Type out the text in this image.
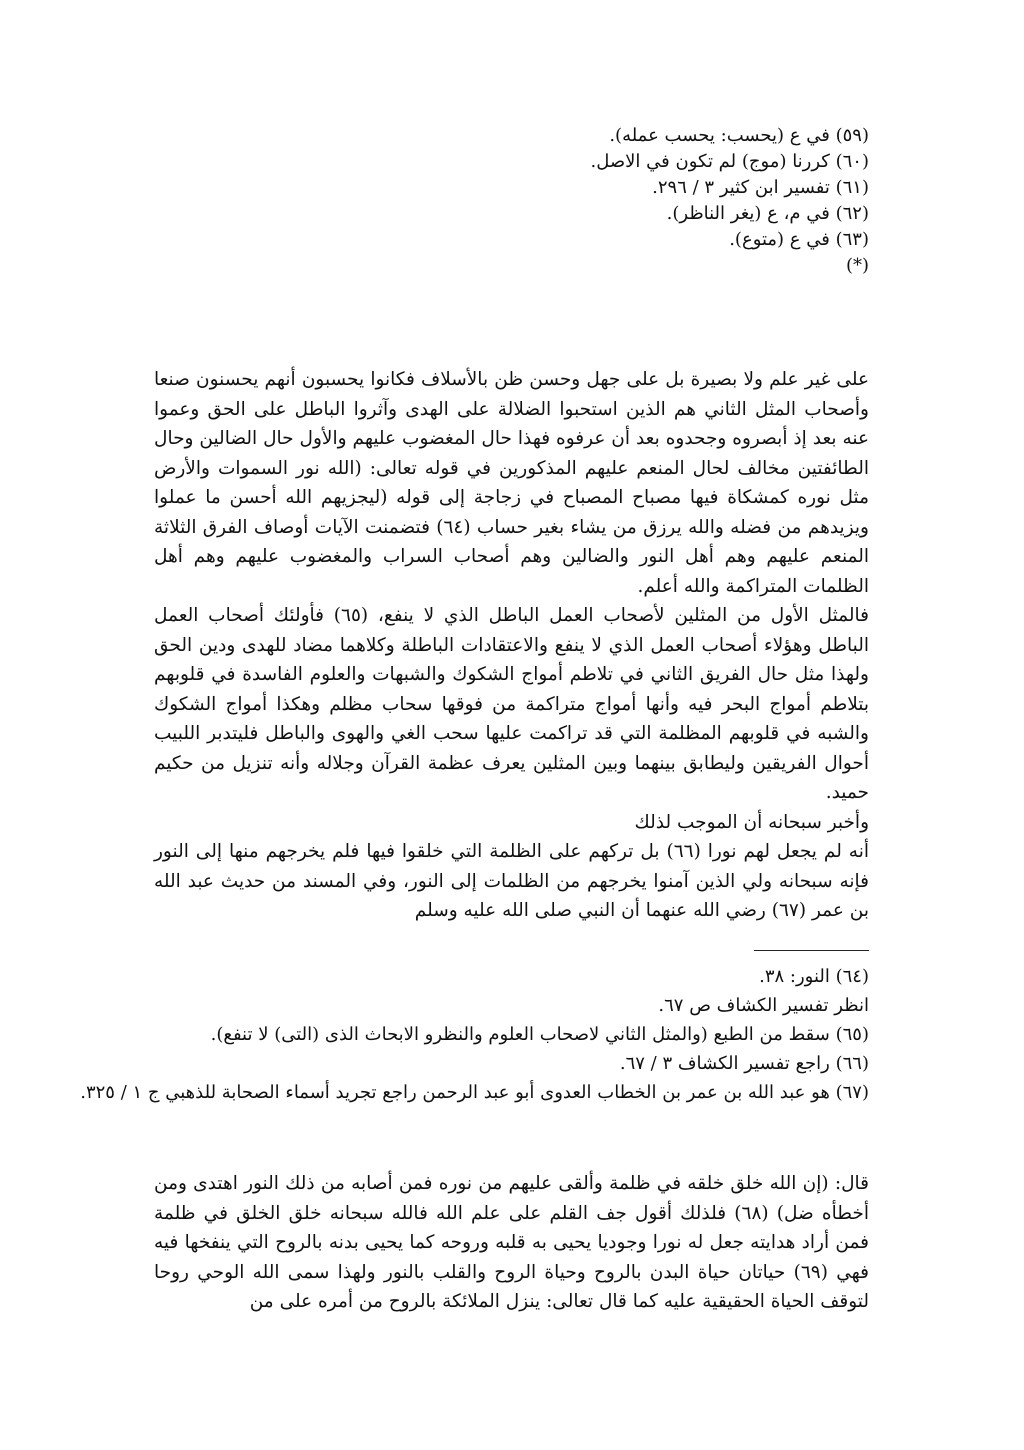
(٥٩) في ع (يحسب: يحسب عمله).

(٦٠) كررنا (موج) لم تكون في الاصل.

(٦١) تفسير ابن كثير ٣ / ٢٩٦.

(٦٢) في م، ع (يغر الناظر).

(٦٣) في ع (متوع).

(*)

على غير علم ولا بصيرة بل على جهل وحسن ظن بالأسلاف فكانوا يحسبون أنهم يحسنون صنعا وأصحاب المثل الثاني هم الذين استحبوا الضلالة على الهدى وآثروا الباطل على الحق وعموا عنه بعد إذ أبصروه وجحدوه بعد أن عرفوه فهذا حال المغضوب عليهم والأول حال الضالين وحال الطائفتين مخالف لحال المنعم عليهم المذكورين في قوله تعالى: (الله نور السموات والأرض مثل نوره كمشكاة فيها مصباح المصباح في زجاجة إلى قوله (ليجزيهم الله أحسن ما عملوا ويزيدهم من فضله والله يرزق من يشاء بغير حساب (٦٤) فتضمنت الآيات أوصاف الفرق الثلاثة المنعم عليهم وهم أهل النور والضالين وهم أصحاب السراب والمغضوب عليهم وهم أهل الظلمات المتراكمة والله أعلم.

فالمثل الأول من المثلين لأصحاب العمل الباطل الذي لا ينفع، (٦٥) فأولئك أصحاب العمل الباطل وهؤلاء أصحاب العمل الذي لا ينفع والاعتقادات الباطلة وكلاهما مضاد للهدى ودين الحق ولهذا مثل حال الفريق الثاني في تلاطم أمواج الشكوك والشبهات والعلوم الفاسدة في قلوبهم بتلاطم أمواج البحر فيه وأنها أمواج متراكمة من فوقها سحاب مظلم وهكذا أمواج الشكوك والشبه في قلوبهم المظلمة التي قد تراكمت عليها سحب الغي والهوى والباطل فليتدبر اللبيب أحوال الفريقين وليطابق بينهما وبين المثلين يعرف عظمة القرآن وجلاله وأنه تنزيل من حكيم حميد.

وأخبر سبحانه أن الموجب لذلك

أنه لم يجعل لهم نورا (٦٦) بل تركهم على الظلمة التي خلقوا فيها فلم يخرجهم منها إلى النور فإنه سبحانه ولي الذين آمنوا يخرجهم من الظلمات إلى النور، وفي المسند من حديث عبد الله بن عمر (٦٧) رضي الله عنهما أن النبي صلى الله عليه وسلم

(٦٤) النور: ٣٨.

انظر تفسير الكشاف ص ٦٧.

(٦٥) سقط من الطبع (والمثل الثاني لاصحاب العلوم والنظرو الابحاث الذى (التى) لا تنفع).

(٦٦) راجع تفسير الكشاف ٣ / ٦٧.

(٦٧) هو عبد الله بن عمر بن الخطاب العدوى أبو عبد الرحمن راجع تجريد أسماء الصحابة للذهبي ج ١ / ٣٢٥.

قال: (إن الله خلق خلقه في ظلمة وألقى عليهم من نوره فمن أصابه من ذلك النور اهتدى ومن أخطأه ضل) (٦٨) فلذلك أقول جف القلم على علم الله فالله سبحانه خلق الخلق في ظلمة فمن أراد هدايته جعل له نورا وجوديا يحيى به قلبه وروحه كما يحيى بدنه بالروح التي ينفخها فيه فهي (٦٩) حياتان حياة البدن بالروح وحياة الروح والقلب بالنور ولهذا سمى الله الوحي روحا لتوقف الحياة الحقيقية عليه كما قال تعالى: ينزل الملائكة بالروح من أمره على من
